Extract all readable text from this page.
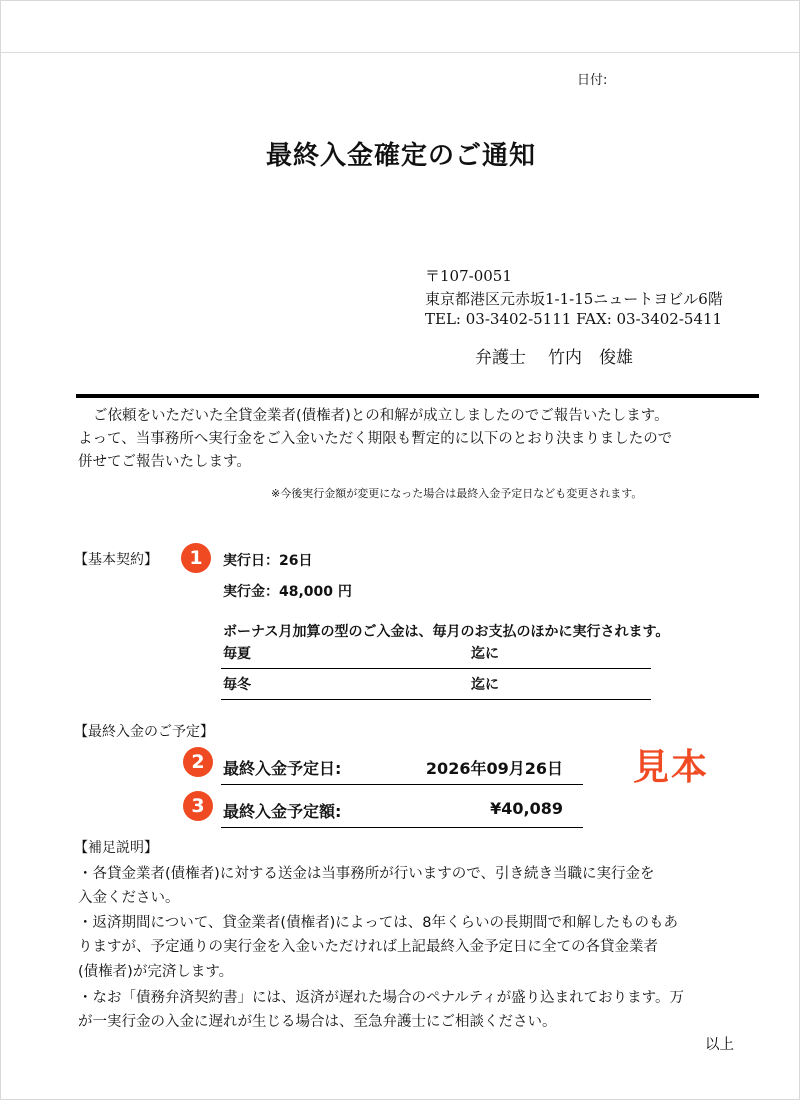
日付:
最終入金確定のご通知
〒107-0051
東京都港区元赤坂1-1-15ニュートヨビル6階
TEL: 03-3402-5111 FAX: 03-3402-5411
弁護士 竹内　俊雄
ご依頼をいただいた全貸金業者(債権者)との和解が成立しましたのでご報告いたします。
よって、当事務所へ実行金をご入金いただく期限も暫定的に以下のとおり決まりましたので
併せてご報告いたします。
※今後実行金額が変更になった場合は最終入金予定日なども変更されます。
【基本契約】	1	実行日：26日
実行金：48,000 円
ボーナス月加算の型のご入金は、毎月のお支払のほかに実行されます。
毎夏	迄に
毎冬	迄に
【最終入金のご予定】
2	最終入金予定日:	2026年09月26日
3	最終入金予定額:	¥40,089
見本
【補足説明】
・各貸金業者(債権者)に対する送金は当事務所が行いますので、引き続き当職に実行金を
入金ください。
・返済期間について、貸金業者(債権者)によっては、8年くらいの長期間で和解したものもあ
りますが、予定通りの実行金を入金いただければ上記最終入金予定日に全ての各貸金業者
(債権者)が完済します。
・なお「債務弁済契約書」には、返済が遅れた場合のペナルティが盛り込まれております。万
が一実行金の入金に遅れが生じる場合は、至急弁護士にご相談ください。
以上
